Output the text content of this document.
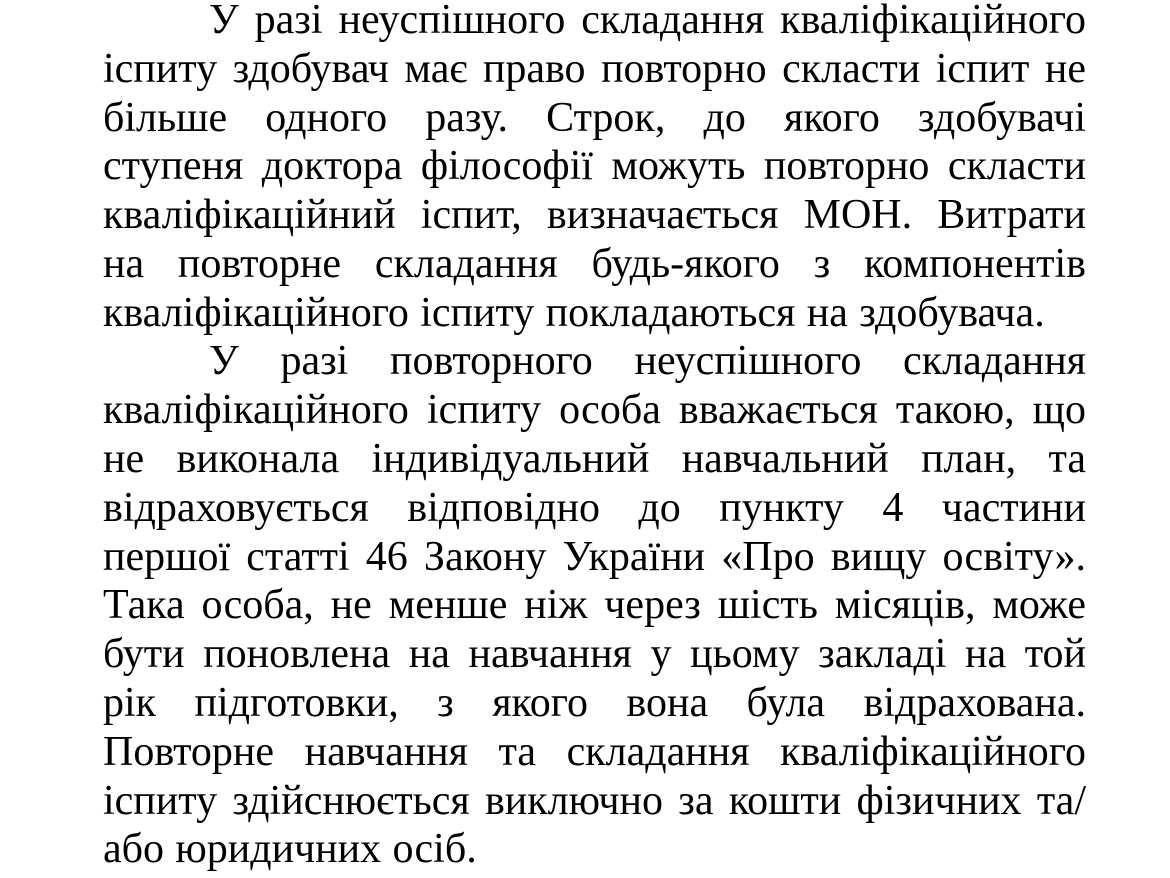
У разі неуспішного складання кваліфікаційного
іспиту здобувач має право повторно скласти іспит не
більше одного разу. Строк, до якого здобувачі
ступеня доктора філософії можуть повторно скласти
кваліфікаційний іспит, визначається МОН. Витрати
на повторне складання будь-якого з компонентів
кваліфікаційного іспиту покладаються на здобувача.

У разі повторного неуспішного складання
кваліфікаційного іспиту особа вважається такою, що
не виконала індивідуальний навчальний план, та
відраховується відповідно до пункту 4 частини
першої статті 46 Закону України «Про вищу освіту».
Така особа, не менше ніж через шість місяців, може
бути поновлена на навчання у цьому закладі на той
рік підготовки, з якого вона була відрахована.
Повторне навчання та складання кваліфікаційного
іспиту здійснюється виключно за кошти фізичних та/
або юридичних осіб.
